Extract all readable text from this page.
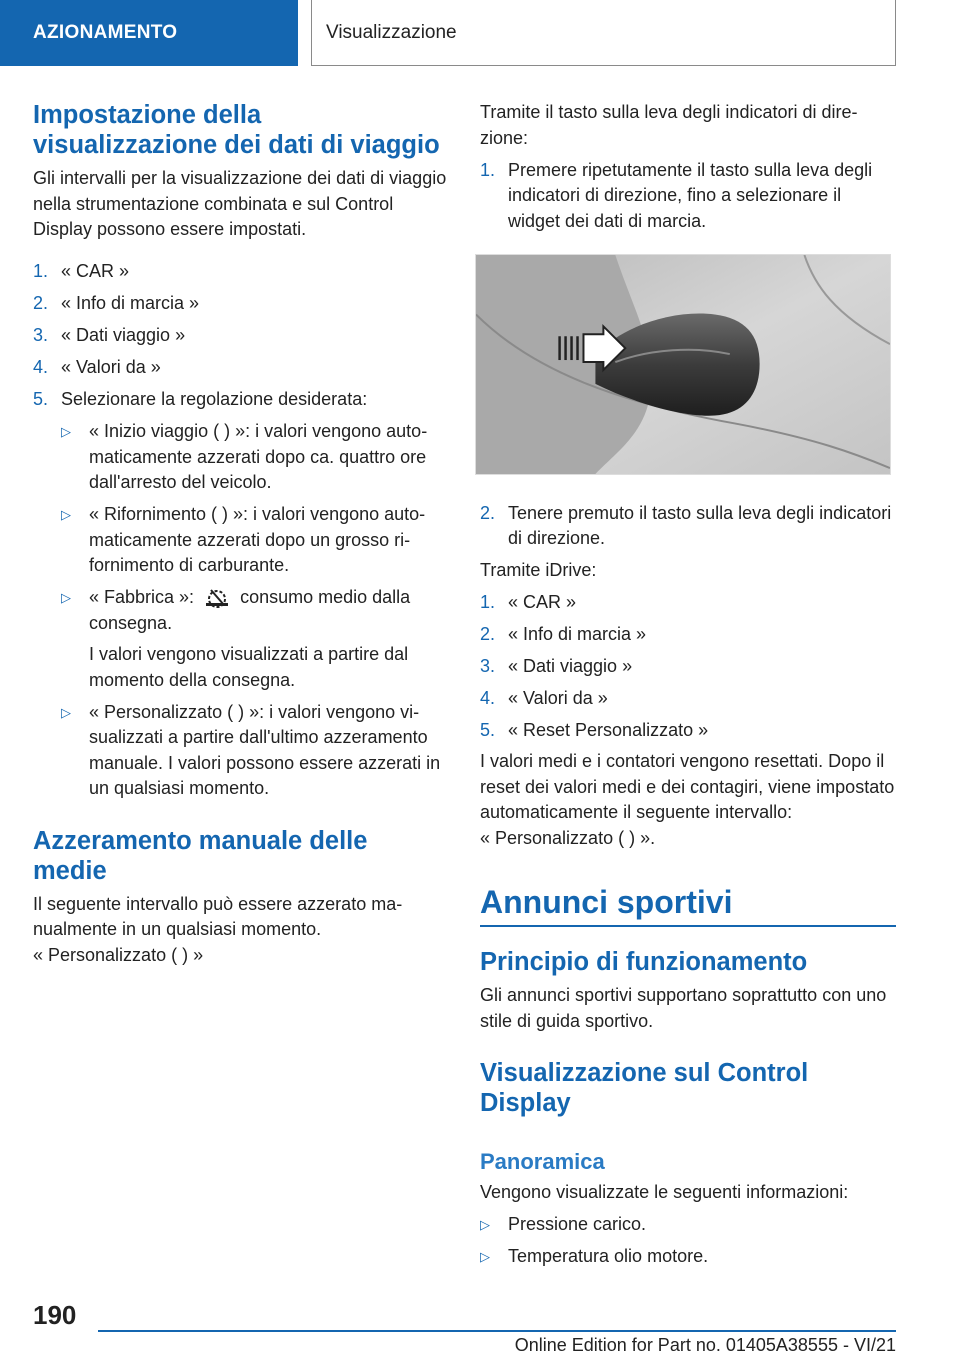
AZIONAMENTO	Visualizzazione
Impostazione della visualizzazione dei dati di viaggio

Gli intervalli per la visualizzazione dei dati di viaggio nella strumentazione combinata e sul Control Display possono essere impostati.

1. « CAR »
2. « Info di marcia »
3. « Dati viaggio »
4. « Valori da »
5. Selezionare la regolazione desiderata:
▷	« Inizio viaggio ( ) »: i valori vengono automaticamente azzerati dopo ca. quattro ore dall'arresto del veicolo.
▷	« Rifornimento ( ) »: i valori vengono automaticamente azzerati dopo un grosso rifornimento di carburante.
▷	« Fabbrica »:	consumo medio dalla consegna.
I valori vengono visualizzati a partire dal momento della consegna.
▷	« Personalizzato ( ) »: i valori vengono visualizzati a partire dall'ultimo azzeramento manuale. I valori possono essere azzerati in un qualsiasi momento.
Azzeramento manuale delle medie

Il seguente intervallo può essere azzerato manualmente in un qualsiasi momento.

« Personalizzato ( ) »

Tramite il tasto sulla leva degli indicatori di direzione:

1. Premere ripetutamente il tasto sulla leva degli indicatori di direzione, fino a selezionare il widget dei dati di marcia.
2. Tenere premuto il tasto sulla leva degli indicatori di direzione.

Tramite iDrive:

1. « CAR »
2. « Info di marcia »
3. « Dati viaggio »
4. « Valori da »
5. « Reset Personalizzato »

I valori medi e i contatori vengono resettati. Dopo il reset dei valori medi e dei contagiri, viene impostato automaticamente il seguente intervallo:

« Personalizzato ( ) ».

Annunci sportivi
Principio di funzionamento

Gli annunci sportivi supportano soprattutto con uno stile di guida sportivo.

Visualizzazione sul Control Display
Panoramica

Vengono visualizzate le seguenti informazioni:

▷	Pressione carico.
▷	Temperatura olio motore.
190
Online Edition for Part no. 01405A38555 - VI/21
